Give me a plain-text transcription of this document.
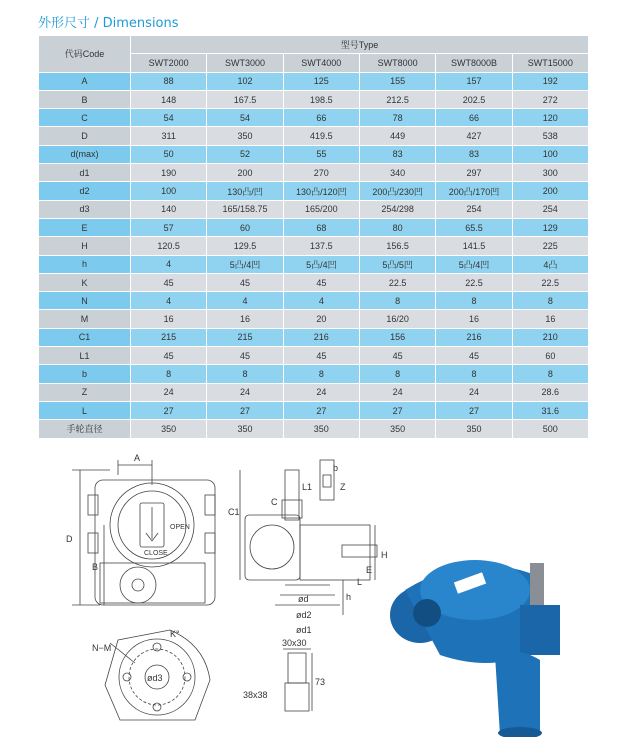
外形尺寸 / Dimensions
代码Code	型号Type					
	SWT2000	SWT3000	SWT4000	SWT8000	SWT8000B	SWT15000
A	88	102	125	155	157	192
B	148	167.5	198.5	212.5	202.5	272
C	54	54	66	78	66	120
D	311	350	419.5	449	427	538
d(max)	50	52	55	83	83	100
d1	190	200	270	340	297	300
d2	100	130凸/凹	130凸/120凹	200凸/230凹	200凸/170凹	200
d3	140	165/158.75	165/200	254/298	254	254
E	57	60	68	80	65.5	129
H	120.5	129.5	137.5	156.5	141.5	225
h	4	5凸/4凹	5凸/4凹	5凸/5凹	5凸/4凹	4凸
K	45	45	45	22.5	22.5	22.5
N	4	4	4	8	8	8
M	16	16	20	16/20	16	16
C1	215	215	216	156	216	210
L1	45	45	45	45	45	60
b	8	8	8	8	8	8
Z	24	24	24	24	24	28.6
L	27	27	27	27	27	31.6
手轮直径	350	350	350	350	350	500
A
D
B
OPEN
CLOSE
C1
L1
C
H
E
L
h
ød
ød2
ød1
b
Z
N−M
K°
ød3
30x30
38x38
73
